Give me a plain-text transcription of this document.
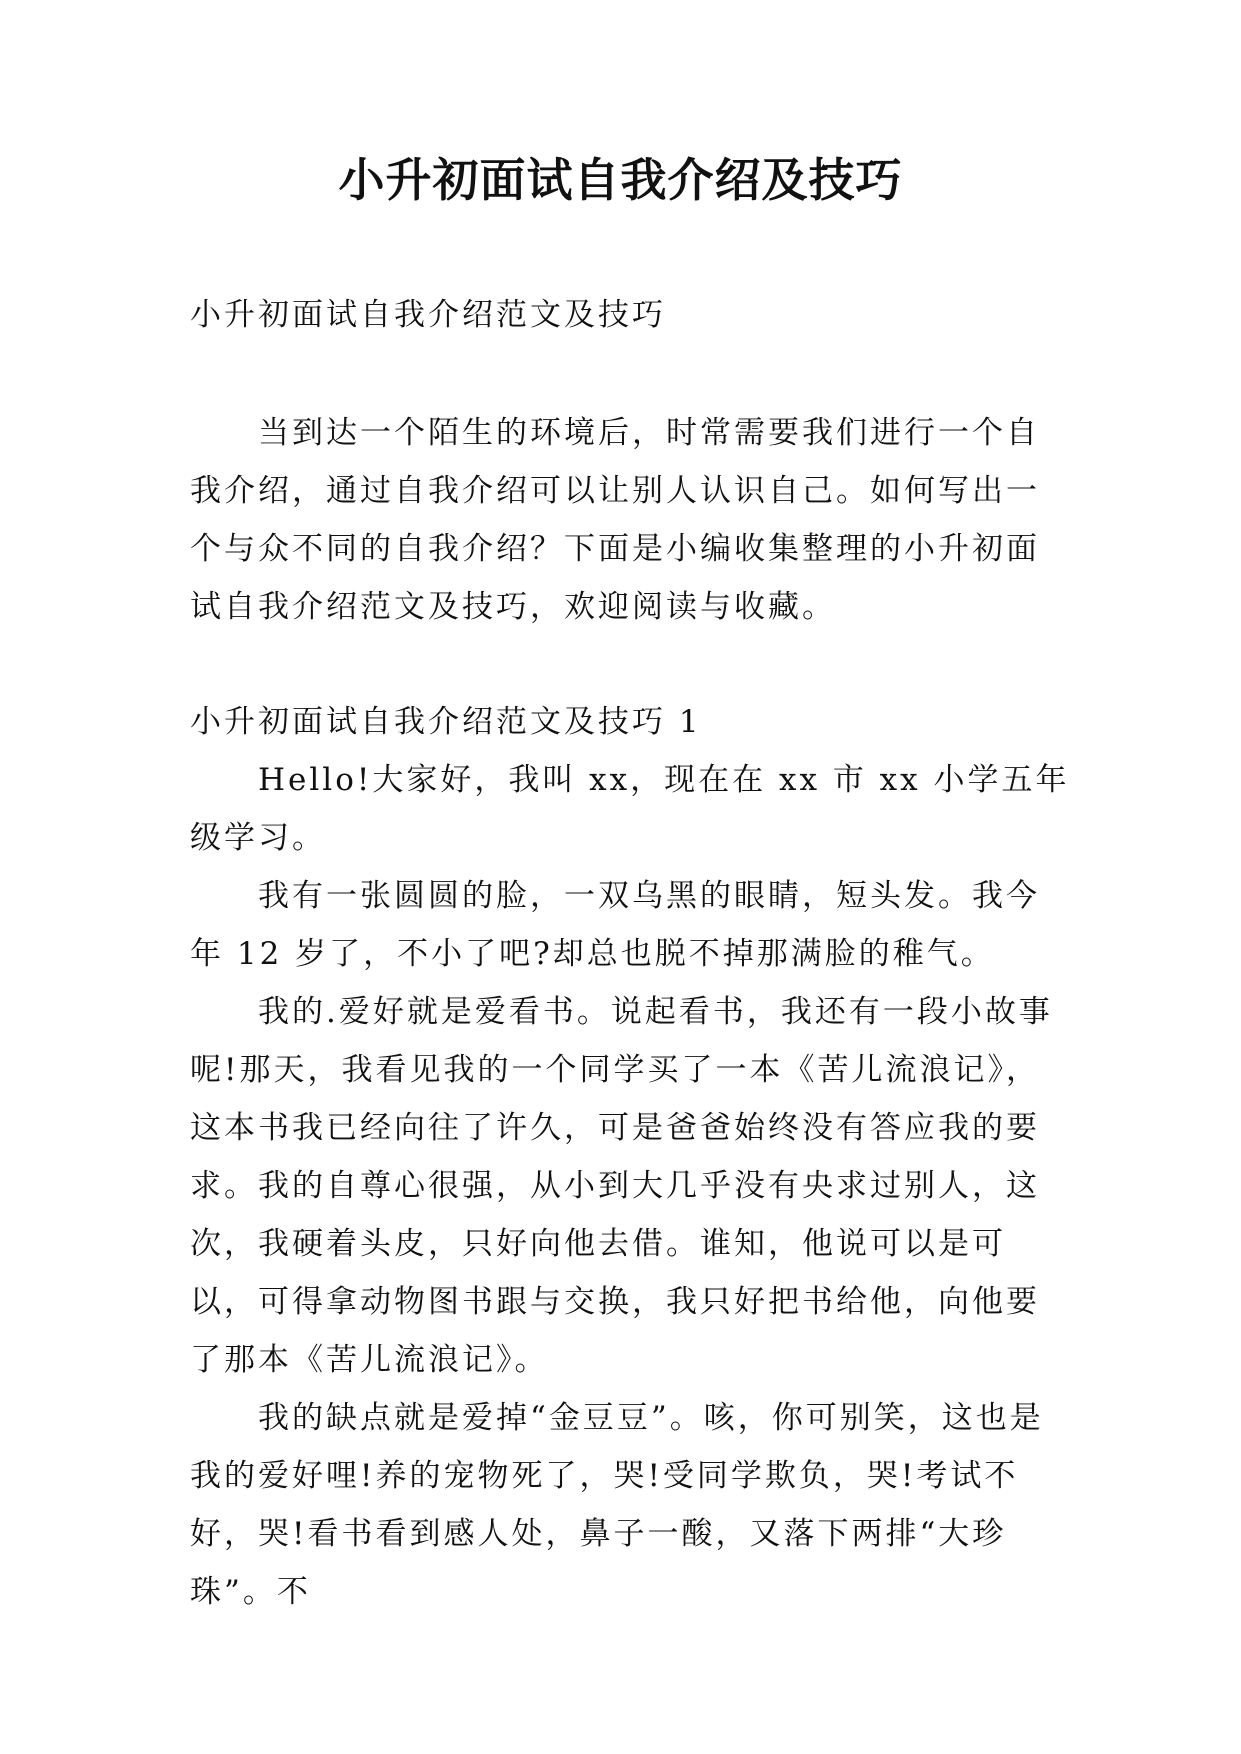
小升初面试自我介绍及技巧
小升初面试自我介绍范文及技巧
当到达一个陌生的环境后，时常需要我们进行一个自我介绍，通过自我介绍可以让别人认识自己。如何写出一个与众不同的自我介绍？下面是小编收集整理的小升初面试自我介绍范文及技巧，欢迎阅读与收藏。
小升初面试自我介绍范文及技巧 1

Hello!大家好，我叫 xx，现在在 xx 市 xx 小学五年级学习。

我有一张圆圆的脸，一双乌黑的眼睛，短头发。我今年 12 岁了，不小了吧?却总也脱不掉那满脸的稚气。

我的.爱好就是爱看书。说起看书，我还有一段小故事呢!那天，我看见我的一个同学买了一本《苦儿流浪记》，这本书我已经向往了许久，可是爸爸始终没有答应我的要求。我的自尊心很强，从小到大几乎没有央求过别人，这次，我硬着头皮，只好向他去借。谁知，他说可以是可以，可得拿动物图书跟与交换，我只好把书给他，向他要了那本《苦儿流浪记》。

我的缺点就是爱掉“金豆豆”。咳，你可别笑，这也是我的爱好哩!养的宠物死了，哭!受同学欺负，哭!考试不好，哭!看书看到感人处，鼻子一酸，又落下两排“大珍珠”。不
